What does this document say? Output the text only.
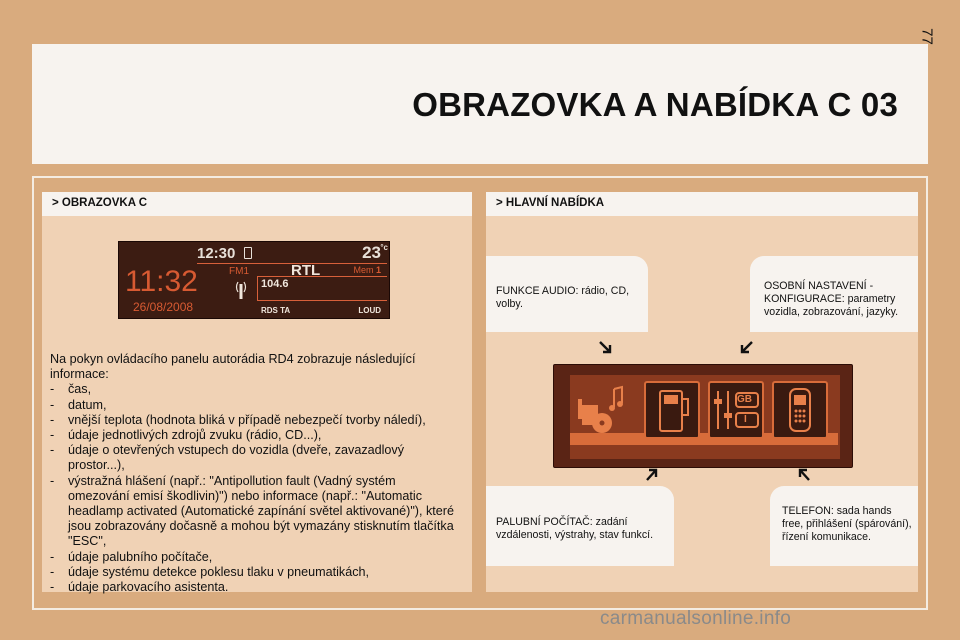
77
OBRAZOVKA A NABÍDKA C 03
> OBRAZOVKA C
12:30	23 °c
11:32
26/08/2008
FM1	RTL	Mem 1
104.6
RDS TA	LOUD

Na pokyn ovládacího panelu autorádia RD4 zobrazuje následující informace:

- čas,
- datum,
- vnější teplota (hodnota bliká v případě nebezpečí tvorby náledí),
- údaje jednotlivých zdrojů zvuku (rádio, CD...),
- údaje o otevřených vstupech do vozidla (dveře, zavazadlový prostor...),
- výstražná hlášení (např.: "Antipollution fault (Vadný systém omezování emisí škodlivin)") nebo informace (např.: "Automatic headlamp activated (Automatické zapínání světel aktivované)"), které jsou zobrazovány dočasně a mohou být vymazány stisknutím tlačítka "ESC",
- údaje palubního počítače,
- údaje systému detekce poklesu tlaku v pneumatikách,
- údaje parkovacího asistenta.
> HLAVNÍ NABÍDKA
FUNKCE AUDIO: rádio, CD, volby.
OSOBNÍ NASTAVENÍ - KONFIGURACE: parametry vozidla, zobrazování, jazyky.
PALUBNÍ POČÍTAČ: zadání vzdálenosti, výstrahy, stav funkcí.
TELEFON: sada hands free, přihlášení (spárování), řízení komunikace.
GB
I
carmanualsonline.info
